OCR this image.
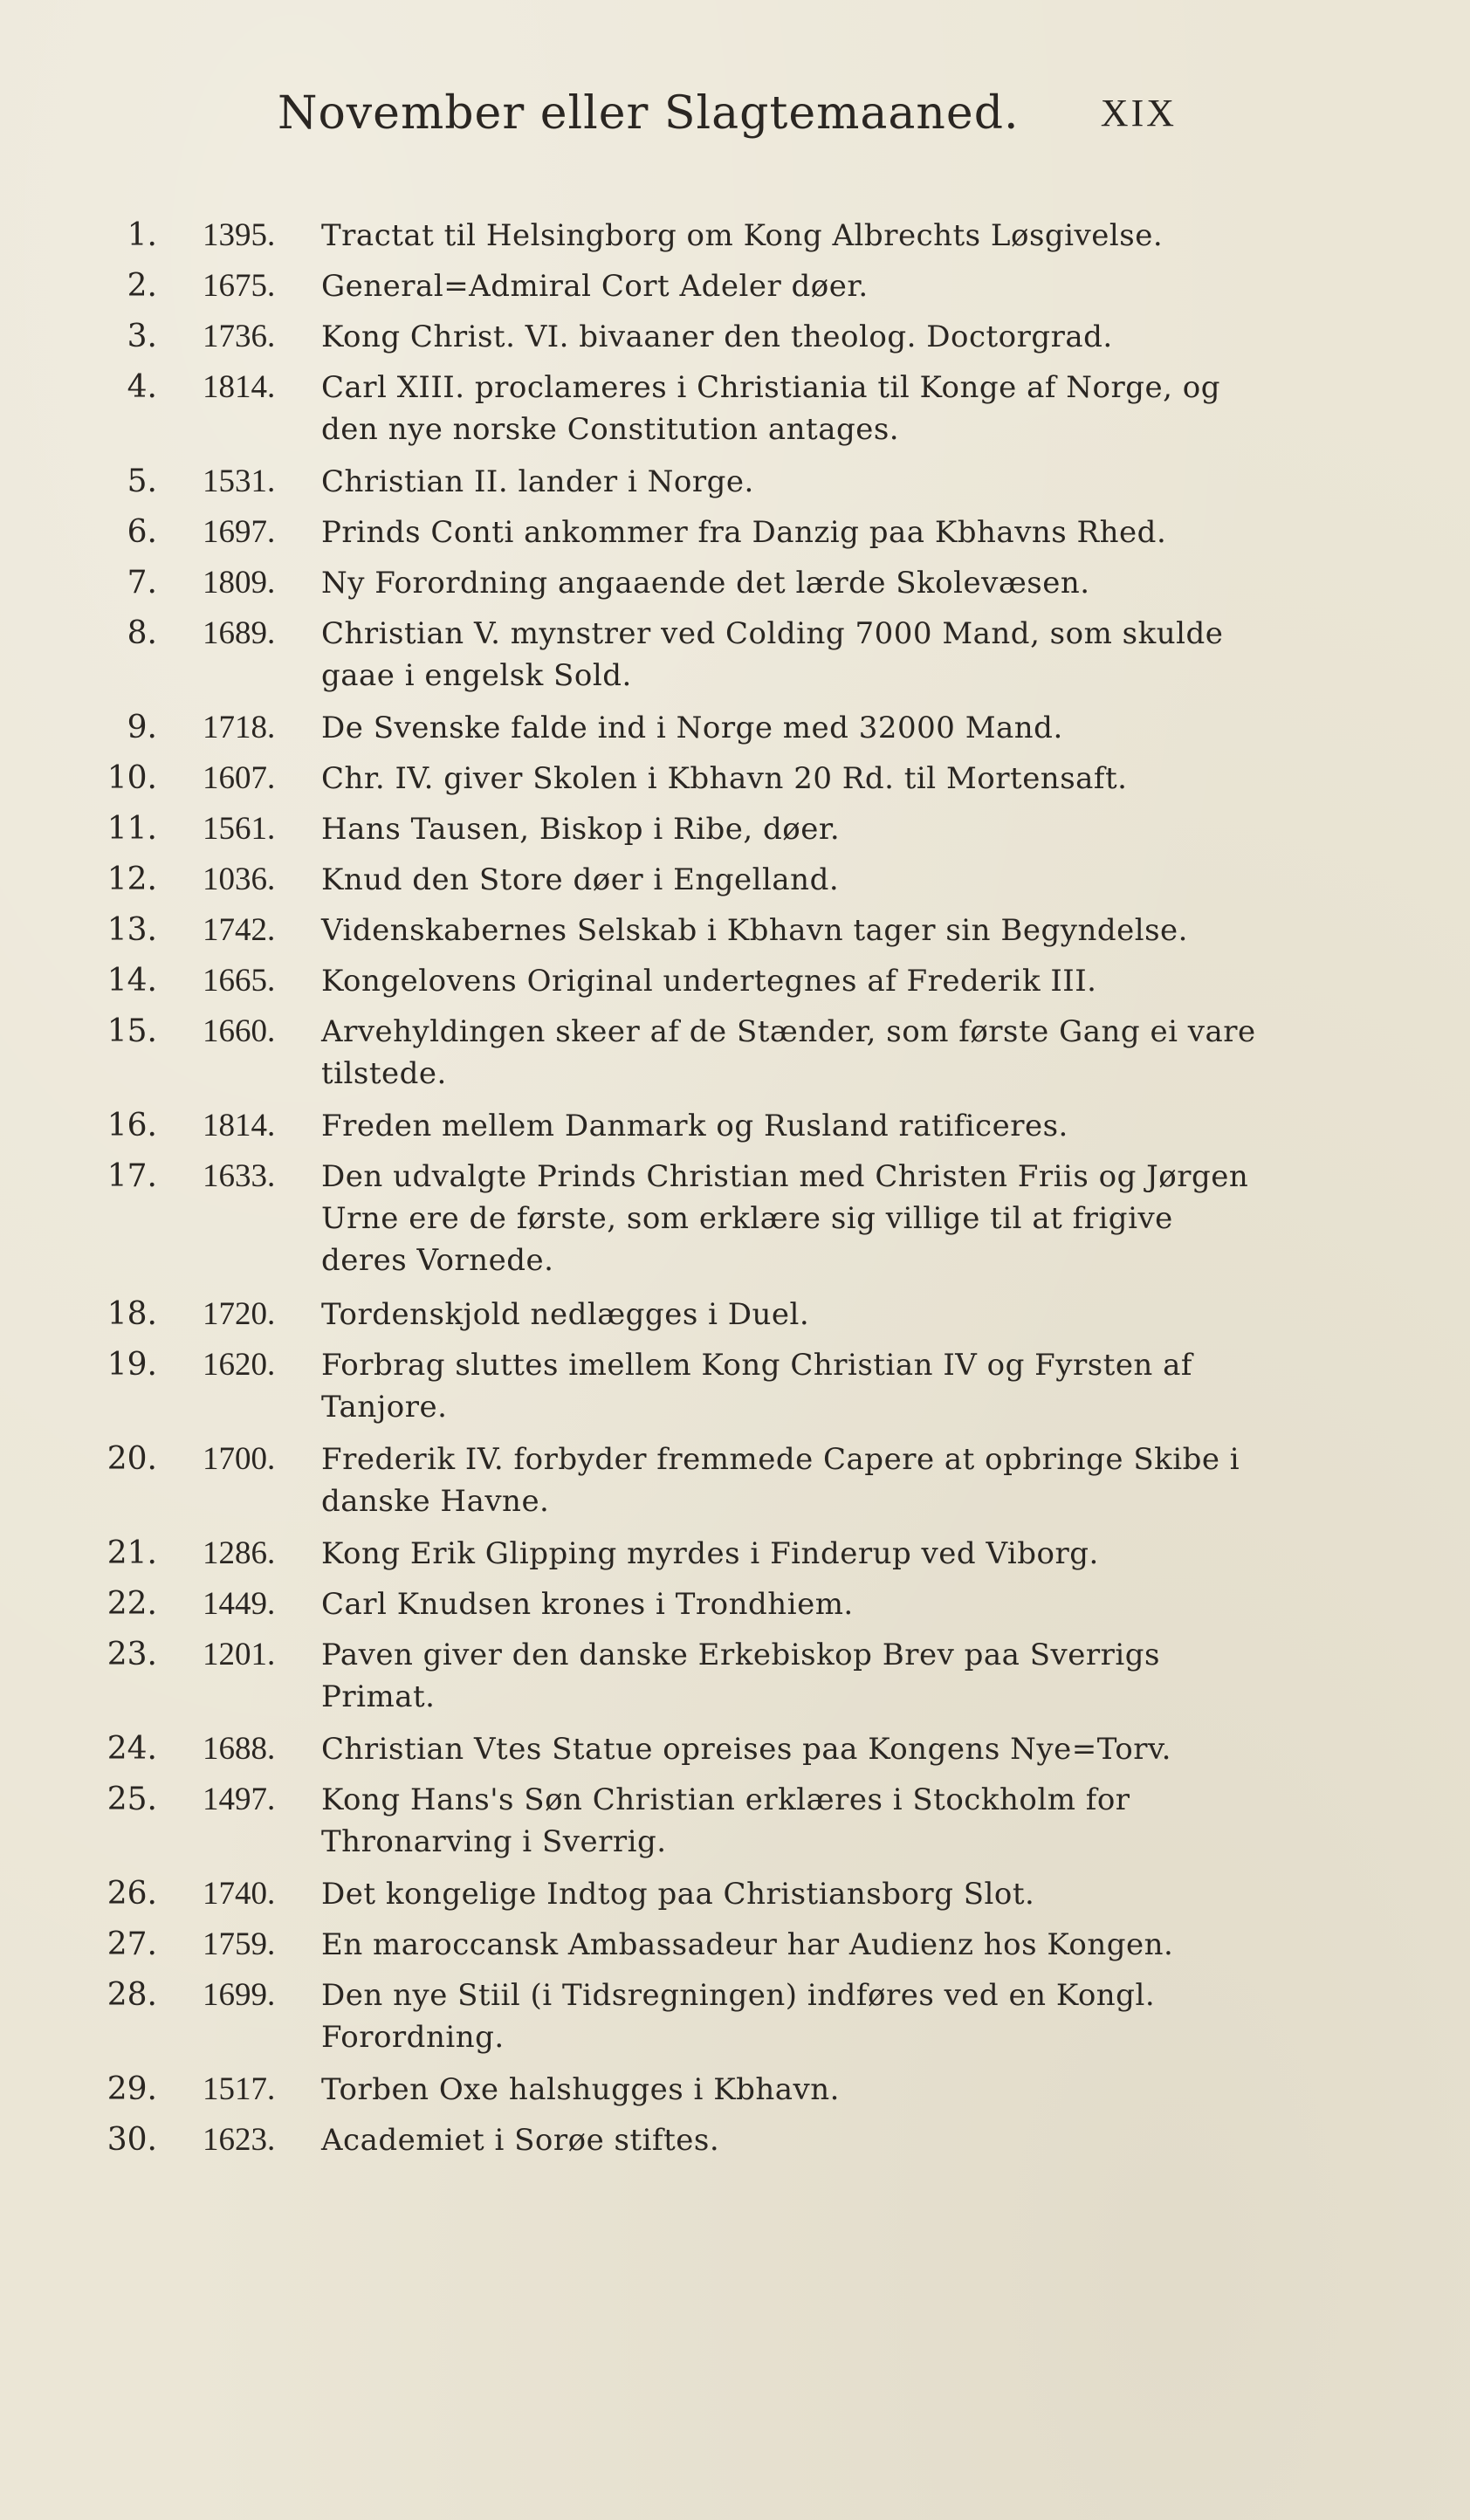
November eller Slagtemaaned. XIX
1. 1395.	Tractat til Helsingborg om Kong Albrechts Løsgivelse.
2. 1675.	General=Admiral Cort Adeler døer.
3. 1736.	Kong Christ. VI. bivaaner den theolog. Doctorgrad.
4. 1814.	Carl XIII. proclameres i Christiania til Konge af Norge, og den nye norske Constitution antages.
5. 1531.	Christian II. lander i Norge.
6. 1697.	Prinds Conti ankommer fra Danzig paa Kbhavns Rhed.
7. 1809.	Ny Forordning angaaende det lærde Skolevæsen.
8. 1689.	Christian V. mynstrer ved Colding 7000 Mand, som skulde gaae i engelsk Sold.
9. 1718.	De Svenske falde ind i Norge med 32000 Mand.
10. 1607.	Chr. IV. giver Skolen i Kbhavn 20 Rd. til Mortensaft.
11. 1561.	Hans Tausen, Biskop i Ribe, døer.
12. 1036.	Knud den Store døer i Engelland.
13. 1742.	Videnskabernes Selskab i Kbhavn tager sin Begyndelse.
14. 1665.	Kongelovens Original undertegnes af Frederik III.
15. 1660.	Arvehyldingen skeer af de Stænder, som første Gang ei vare tilstede.
16. 1814.	Freden mellem Danmark og Rusland ratificeres.
17. 1633.	Den udvalgte Prinds Christian med Christen Friis og Jørgen Urne ere de første, som erklære sig villige til at frigive deres Vornede.
18. 1720.	Tordenskjold nedlægges i Duel.
19. 1620.	Forbrag sluttes imellem Kong Christian IV og Fyrsten af Tanjore.
20. 1700.	Frederik IV. forbyder fremmede Capere at opbringe Skibe i danske Havne.
21. 1286.	Kong Erik Glipping myrdes i Finderup ved Viborg.
22. 1449.	Carl Knudsen krones i Trondhiem.
23. 1201.	Paven giver den danske Erkebiskop Brev paa Sverrigs Primat.
24. 1688.	Christian Vtes Statue opreises paa Kongens Nye=Torv.
25. 1497.	Kong Hans's Søn Christian erklæres i Stockholm for Thronarving i Sverrig.
26. 1740.	Det kongelige Indtog paa Christiansborg Slot.
27. 1759.	En maroccansk Ambassadeur har Audienz hos Kongen.
28. 1699.	Den nye Stiil (i Tidsregningen) indføres ved en Kongl. Forordning.
29. 1517.	Torben Oxe halshugges i Kbhavn.
30. 1623.	Academiet i Sorøe stiftes.
